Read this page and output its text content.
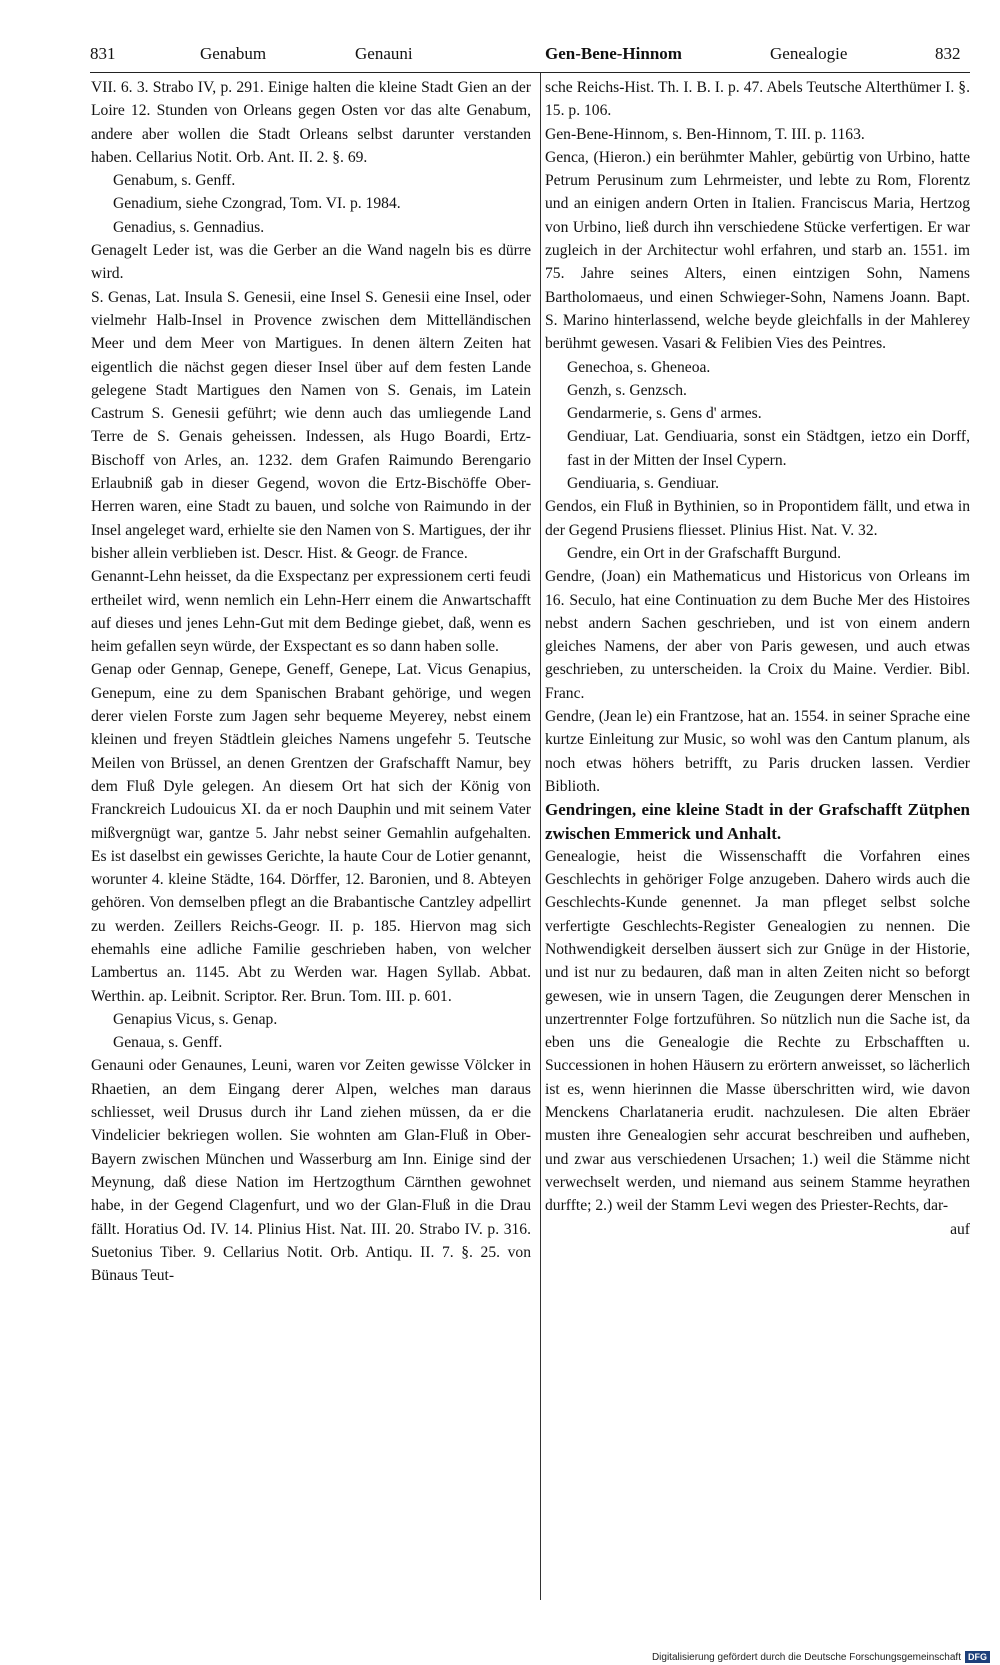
831	Genabum	Genauni	Gen-Bene-Hinnom	Genealogie	832

VII. 6. 3. Strabo IV, p. 291. Einige halten die kleine Stadt Gien an der Loire 12. Stunden von Orleans gegen Osten vor das alte Genabum, andere aber wollen die Stadt Orleans selbst darunter verstanden haben. Cellarius Notit. Orb. Ant. II. 2. §. 69.

Genabum, s. Genff.

Genadium, siehe Czongrad, Tom. VI. p. 1984.

Genadius, s. Gennadius.

Genagelt Leder ist, was die Gerber an die Wand nageln bis es dürre wird.

S. Genas, Lat. Insula S. Genesii, eine Insel S. Genesii eine Insel, oder vielmehr Halb-Insel in Provence zwischen dem Mittelländischen Meer und dem Meer von Martigues. In denen ältern Zeiten hat eigentlich die nächst gegen dieser Insel über auf dem festen Lande gelegene Stadt Martigues den Namen von S. Genais, im Latein Castrum S. Genesii geführt; wie denn auch das umliegende Land Terre de S. Genais geheissen. Indessen, als Hugo Boardi, Ertz-Bischoff von Arles, an. 1232. dem Grafen Raimundo Berengario Erlaubniß gab in dieser Gegend, wovon die Ertz-Bischöffe Ober-Herren waren, eine Stadt zu bauen, und solche von Raimundo in der Insel angeleget ward, erhielte sie den Namen von S. Martigues, der ihr bisher allein verblieben ist. Descr. Hist. & Geogr. de France.

Genannt-Lehn heisset, da die Exspectanz per expressionem certi feudi ertheilet wird, wenn nemlich ein Lehn-Herr einem die Anwartschafft auf dieses und jenes Lehn-Gut mit dem Bedinge giebet, daß, wenn es heim gefallen seyn würde, der Exspectant es so dann haben solle.

Genap oder Gennap, Genepe, Geneff, Genepe, Lat. Vicus Genapius, Genepum, eine zu dem Spanischen Brabant gehörige, und wegen derer vielen Forste zum Jagen sehr bequeme Meyerey, nebst einem kleinen und freyen Städtlein gleiches Namens ungefehr 5. Teutsche Meilen von Brüssel, an denen Grentzen der Grafschafft Namur, bey dem Fluß Dyle gelegen. An diesem Ort hat sich der König von Franckreich Ludouicus XI. da er noch Dauphin und mit seinem Vater mißvergnügt war, gantze 5. Jahr nebst seiner Gemahlin aufgehalten. Es ist daselbst ein gewisses Gerichte, la haute Cour de Lotier genannt, worunter 4. kleine Städte, 164. Dörffer, 12. Baronien, und 8. Abteyen gehören. Von demselben pflegt an die Brabantische Cantzley adpellirt zu werden. Zeillers Reichs-Geogr. II. p. 185. Hiervon mag sich ehemahls eine adliche Familie geschrieben haben, von welcher Lambertus an. 1145. Abt zu Werden war. Hagen Syllab. Abbat. Werthin. ap. Leibnit. Scriptor. Rer. Brun. Tom. III. p. 601.

Genapius Vicus, s. Genap.

Genaua, s. Genff.

Genauni oder Genaunes, Leuni, waren vor Zeiten gewisse Völcker in Rhaetien, an dem Eingang derer Alpen, welches man daraus schliesset, weil Drusus durch ihr Land ziehen müssen, da er die Vindelicier bekriegen wollen. Sie wohnten am Glan-Fluß in Ober-Bayern zwischen München und Wasserburg am Inn. Einige sind der Meynung, daß diese Nation im Hertzogthum Cärnthen gewohnet habe, in der Gegend Clagenfurt, und wo der Glan-Fluß in die Drau fällt. Horatius Od. IV. 14. Plinius Hist. Nat. III. 20. Strabo IV. p. 316. Suetonius Tiber. 9. Cellarius Notit. Orb. Antiqu. II. 7. §. 25. von Bünaus Teut-

sche Reichs-Hist. Th. I. B. I. p. 47. Abels Teutsche Alterthümer I. §. 15. p. 106.

Gen-Bene-Hinnom, s. Ben-Hinnom, T. III. p. 1163.

Genca, (Hieron.) ein berühmter Mahler, gebürtig von Urbino, hatte Petrum Perusinum zum Lehrmeister, und lebte zu Rom, Florentz und an einigen andern Orten in Italien. Franciscus Maria, Hertzog von Urbino, ließ durch ihn verschiedene Stücke verfertigen. Er war zugleich in der Architectur wohl erfahren, und starb an. 1551. im 75. Jahre seines Alters, einen eintzigen Sohn, Namens Bartholomaeus, und einen Schwieger-Sohn, Namens Joann. Bapt. S. Marino hinterlassend, welche beyde gleichfalls in der Mahlerey berühmt gewesen. Vasari & Felibien Vies des Peintres.

Genechoa, s. Gheneoa.

Genzh, s. Genzsch.

Gendarmerie, s. Gens d' armes.

Gendiuar, Lat. Gendiuaria, sonst ein Städtgen, ietzo ein Dorff, fast in der Mitten der Insel Cypern.

Gendiuaria, s. Gendiuar.

Gendos, ein Fluß in Bythinien, so in Propontidem fällt, und etwa in der Gegend Prusiens fliesset. Plinius Hist. Nat. V. 32.

Gendre, ein Ort in der Grafschafft Burgund.

Gendre, (Joan) ein Mathematicus und Historicus von Orleans im 16. Seculo, hat eine Continuation zu dem Buche Mer des Histoires nebst andern Sachen geschrieben, und ist von einem andern gleiches Namens, der aber von Paris gewesen, und auch etwas geschrieben, zu unterscheiden. la Croix du Maine. Verdier. Bibl. Franc.

Gendre, (Jean le) ein Frantzose, hat an. 1554. in seiner Sprache eine kurtze Einleitung zur Music, so wohl was den Cantum planum, als noch etwas höhers betrifft, zu Paris drucken lassen. Verdier Biblioth.

Gendringen, eine kleine Stadt in der Grafschafft Zütphen zwischen Emmerick und Anhalt.

Genealogie, heist die Wissenschafft die Vorfahren eines Geschlechts in gehöriger Folge anzugeben. Dahero wirds auch die Geschlechts-Kunde genennet. Ja man pfleget selbst solche verfertigte Geschlechts-Register Genealogien zu nennen. Die Nothwendigkeit derselben äussert sich zur Gnüge in der Historie, und ist nur zu bedauren, daß man in alten Zeiten nicht so beforgt gewesen, wie in unsern Tagen, die Zeugungen derer Menschen in unzertrennter Folge fortzuführen. So nützlich nun die Sache ist, da eben uns die Genealogie die Rechte zu Erbschafften u. Successionen in hohen Häusern zu erörtern anweisset, so lächerlich ist es, wenn hierinnen die Masse überschritten wird, wie davon Menckens Charlataneria erudit. nachzulesen. Die alten Ebräer musten ihre Genealogien sehr accurat beschreiben und aufheben, und zwar aus verschiedenen Ursachen; 1.) weil die Stämme nicht verwechselt werden, und niemand aus seinem Stamme heyrathen durffte; 2.) weil der Stamm Levi wegen des Priester-Rechts, dar-

auf

Digitalisierung gefördert durch die Deutsche Forschungsgemeinschaft DFG
